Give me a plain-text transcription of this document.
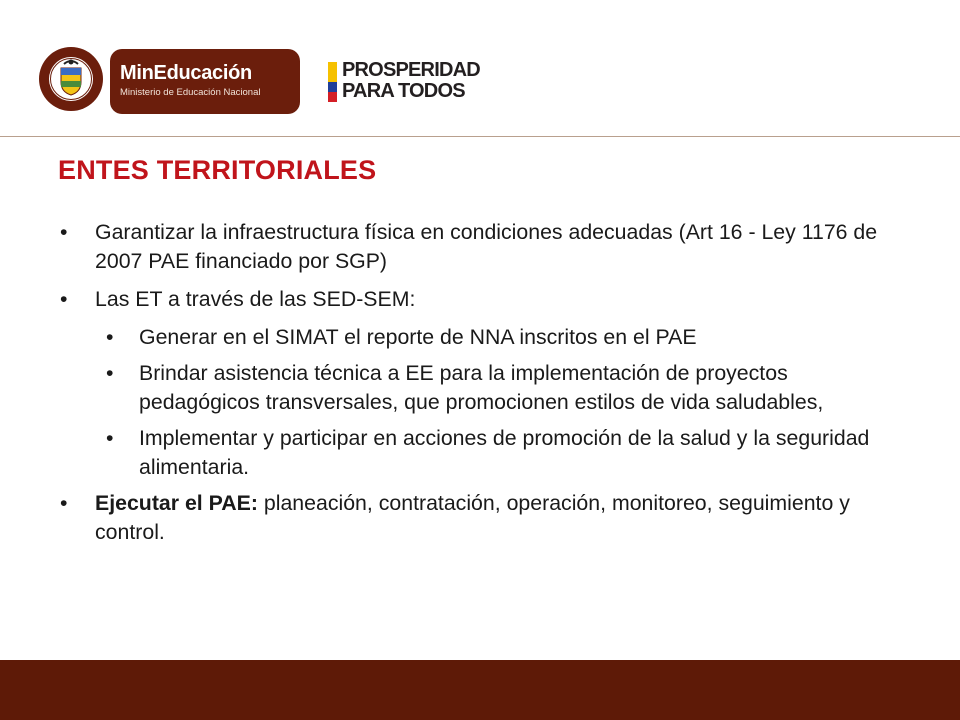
MinEducación
Ministerio de Educación Nacional
PROSPERIDAD
PARA TODOS
ENTES TERRITORIALES
• Garantizar la infraestructura física en condiciones adecuadas (Art 16 - Ley 1176 de 2007 PAE financiado por SGP)
• Las ET a través de las SED-SEM:
• Generar en el SIMAT el reporte de NNA inscritos en el PAE
• Brindar asistencia técnica a EE para la implementación de proyectos pedagógicos transversales, que promocionen estilos de vida saludables,
• Implementar y participar en acciones de promoción de la salud y la seguridad alimentaria.
• Ejecutar el PAE: planeación, contratación, operación, monitoreo, seguimiento y control.
